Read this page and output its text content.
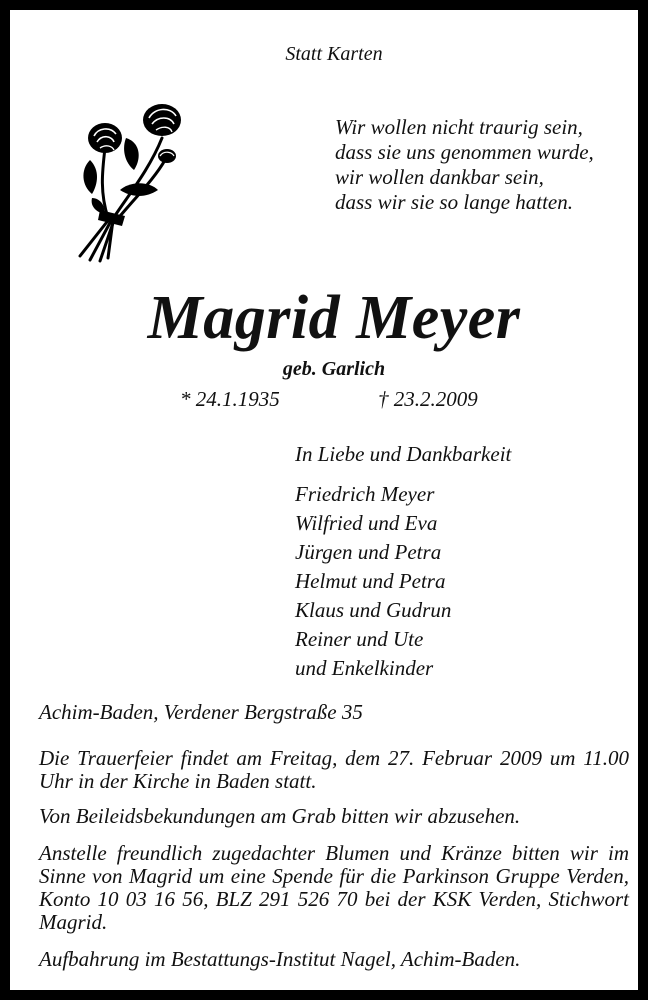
Statt Karten
Wir wollen nicht traurig sein,
dass sie uns genommen wurde,
wir wollen dankbar sein,
dass wir sie so lange hatten.
Magrid Meyer
geb. Garlich
* 24.1.1935	† 23.2.2009
In Liebe und Dankbarkeit
Friedrich Meyer
Wilfried und Eva
Jürgen und Petra
Helmut und Petra
Klaus und Gudrun
Reiner und Ute
und Enkelkinder
Achim-Baden, Verdener Bergstraße 35
Die Trauerfeier findet am Freitag, dem 27. Februar 2009 um 11.00 Uhr in der Kirche in Baden statt.
Von Beileidsbekundungen am Grab bitten wir abzusehen.
Anstelle freundlich zugedachter Blumen und Kränze bitten wir im Sinne von Magrid um eine Spende für die Parkinson Gruppe Verden, Konto 10 03 16 56, BLZ 291 526 70 bei der KSK Verden, Stichwort Magrid.
Aufbahrung im Bestattungs-Institut Nagel, Achim-Baden.
